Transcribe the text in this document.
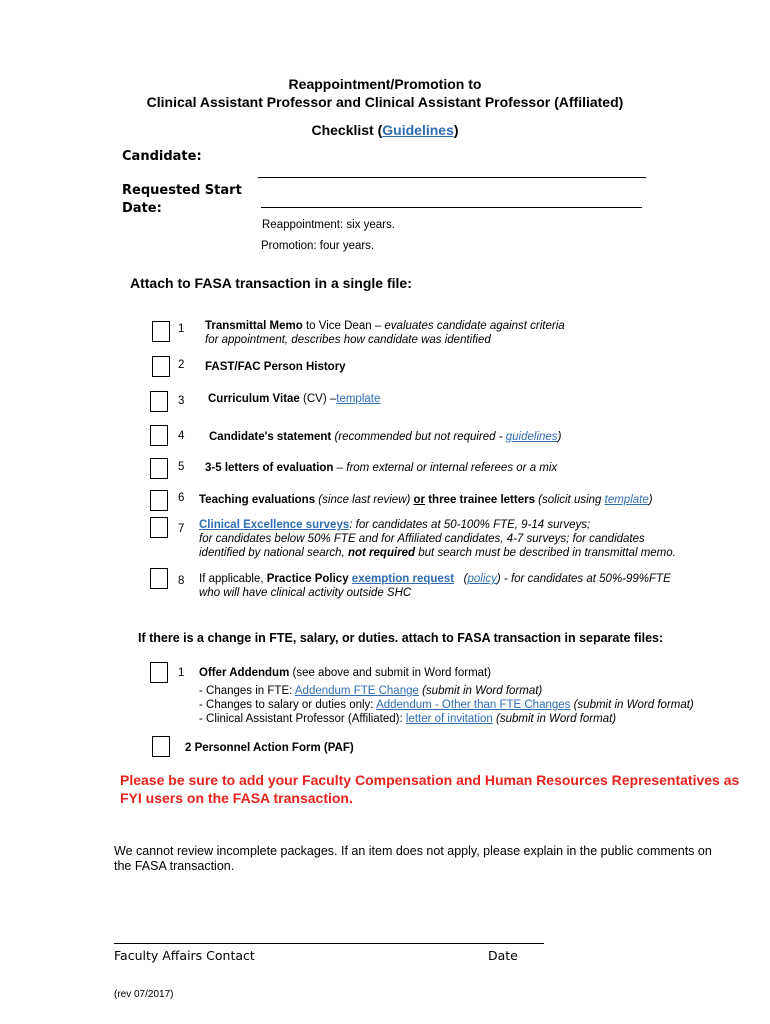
Reappointment/Promotion to
Clinical Assistant Professor and Clinical Assistant Professor (Affiliated)
Checklist (Guidelines)
Candidate:
Requested Start
Date:
Reappointment: six years.
Promotion: four years.
Attach to FASA transaction in a single file:
1 Transmittal Memo to Vice Dean – evaluates candidate against criteria
for appointment, describes how candidate was identified
2 FAST/FAC Person History
3 Curriculum Vitae (CV) –template
4 Candidate's statement (recommended but not required - guidelines)
5 3-5 letters of evaluation – from external or internal referees or a mix
6 Teaching evaluations (since last review) or three trainee letters (solicit using template)
7 Clinical Excellence surveys: for candidates at 50-100% FTE, 9-14 surveys;
for candidates below 50% FTE and for Affiliated candidates, 4-7 surveys; for candidates
identified by national search, not required but search must be described in transmittal memo.
8 If applicable, Practice Policy exemption request (policy) - for candidates at 50%-99%FTE
who will have clinical activity outside SHC
If there is a change in FTE, salary, or duties. attach to FASA transaction in separate files:
1 Offer Addendum (see above and submit in Word format)
- Changes in FTE: Addendum FTE Change (submit in Word format)
- Changes to salary or duties only: Addendum - Other than FTE Changes (submit in Word format)
- Clinical Assistant Professor (Affiliated): letter of invitation (submit in Word format)
2 Personnel Action Form (PAF)
Please be sure to add your Faculty Compensation and Human Resources Representatives as
FYI users on the FASA transaction.
We cannot review incomplete packages. If an item does not apply, please explain in the public comments on
the FASA transaction.
Faculty Affairs Contact	Date
(rev 07/2017)
